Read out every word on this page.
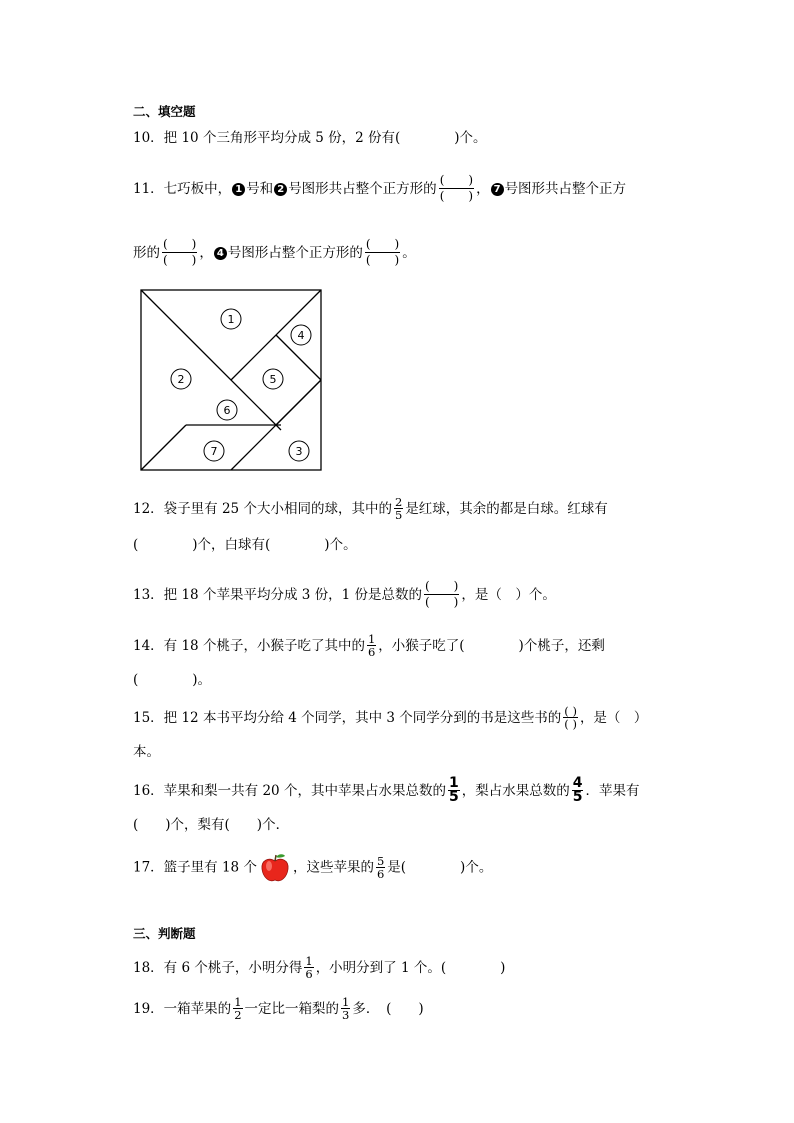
二、填空题
10．把 10 个三角形平均分成 5 份，2 份有(　　　　)个。
11．七巧板中， 1 号和 2 号图形共占整个正方形的 $\frac{( )}{( )}$ ， 7 号图形共占整个正方
形的 $\frac{( )}{( )}$ ， 4 号图形占整个正方形的 $\frac{( )}{( )}$ 。
1
2
3
4
5
6
7
12．袋子里有 25 个大小相同的球，其中的 $\frac{2}{5}$ 是红球，其余的都是白球。红球有
(　　　　)个，白球有(　　　　)个。
13．把 18 个苹果平均分成 3 份，1 份是总数的 $\frac{( )}{( )}$ ，是（　）个。
14．有 18 个桃子，小猴子吃了其中的 $\frac{1}{6}$ ，小猴子吃了(　　　　)个桃子，还剩
(　　　　)。
15．把 12 本书平均分给 4 个同学，其中 3 个同学分到的书是这些书的 $\frac{( )}{( )}$ ，是（　）
本。
16．苹果和梨一共有 20 个，其中苹果占水果总数的 $\frac{1}{5}$ ，梨占水果总数的 $\frac{4}{5}$ ．苹果有
(　　)个，梨有(　　)个．
17．篮子里有 18 个	，这些苹果的 $\frac{5}{6}$ 是(　　　　)个。
三、判断题
18．有 6 个桃子，小明分得 $\frac{1}{6}$ ，小明分到了 1 个。(　　　　)
19．一箱苹果的 $\frac{1}{2}$ 一定比一箱梨的 $\frac{1}{3}$ 多．　(　　)
